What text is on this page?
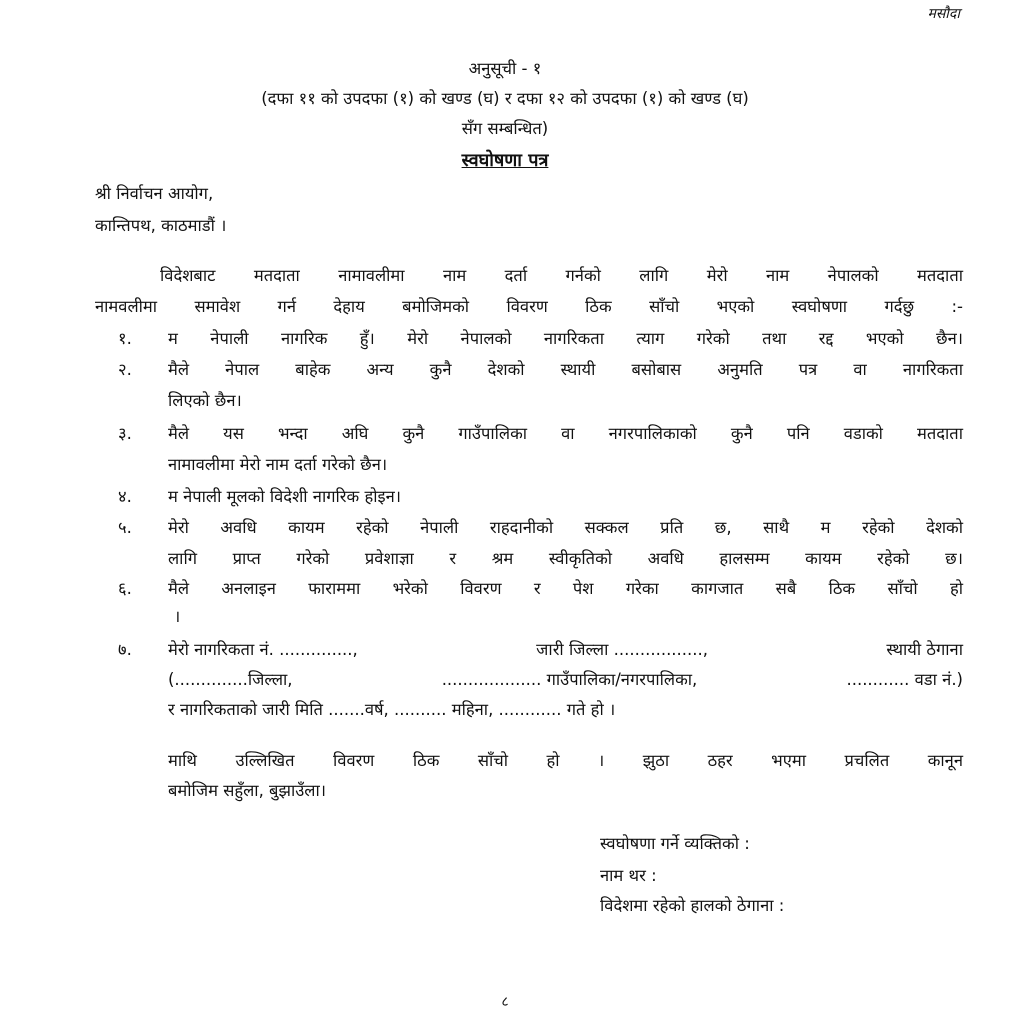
मसौदा
अनुसूची - १
(दफा ११ को उपदफा (१) को खण्ड (घ) र दफा १२ को उपदफा (१) को खण्ड (घ)
सँग सम्बन्धित)
स्वघोषणा पत्र
श्री निर्वाचन आयोग,
कान्तिपथ, काठमाडौं ।
विदेशबाट मतदाता नामावलीमा नाम दर्ता गर्नको लागि मेरो नाम नेपालको मतदाता
नामवलीमा समावेश गर्न देहाय बमोजिमको विवरण ठिक साँचो भएको स्वघोषणा गर्दछु :-
१. म नेपाली नागरिक हुँ। मेरो नेपालको नागरिकता त्याग गरेको तथा रद्द भएको छैन।
२. मैले नेपाल बाहेक अन्य कुनै देशको स्थायी बसोबास अनुमति पत्र वा नागरिकता
लिएको छैन।
३. मैले यस भन्दा अघि कुनै गाउँपालिका वा नगरपालिकाको कुनै पनि वडाको मतदाता
नामावलीमा मेरो नाम दर्ता गरेको छैन।
४. म नेपाली मूलको विदेशी नागरिक होइन।
५. मेरो अवधि कायम रहेको नेपाली राहदानीको सक्कल प्रति छ, साथै म रहेको देशको
लागि प्राप्त गरेको प्रवेशाज्ञा र श्रम स्वीकृतिको अवधि हालसम्म कायम रहेको छ।
६. मैले अनलाइन फाराममा भरेको विवरण र पेश गरेका कागजात सबै ठिक साँचो हो
।
७. मेरो नागरिकता नं. ..............,	जारी जिल्ला .................,	स्थायी ठेगाना
(..............जिल्ला,	................... गाउँपालिका/नगरपालिका,	............ वडा नं.)
र नागरिकताको जारी मिति .......वर्ष, .......... महिना, ............ गते हो ।
माथि उल्लिखित विवरण ठिक साँचो हो । झुठा ठहर भएमा प्रचलित कानून
बमोजिम सहुँला, बुझाउँला।
स्वघोषणा गर्ने व्यक्तिको :
नाम थर :
विदेशमा रहेको हालको ठेगाना :
८
